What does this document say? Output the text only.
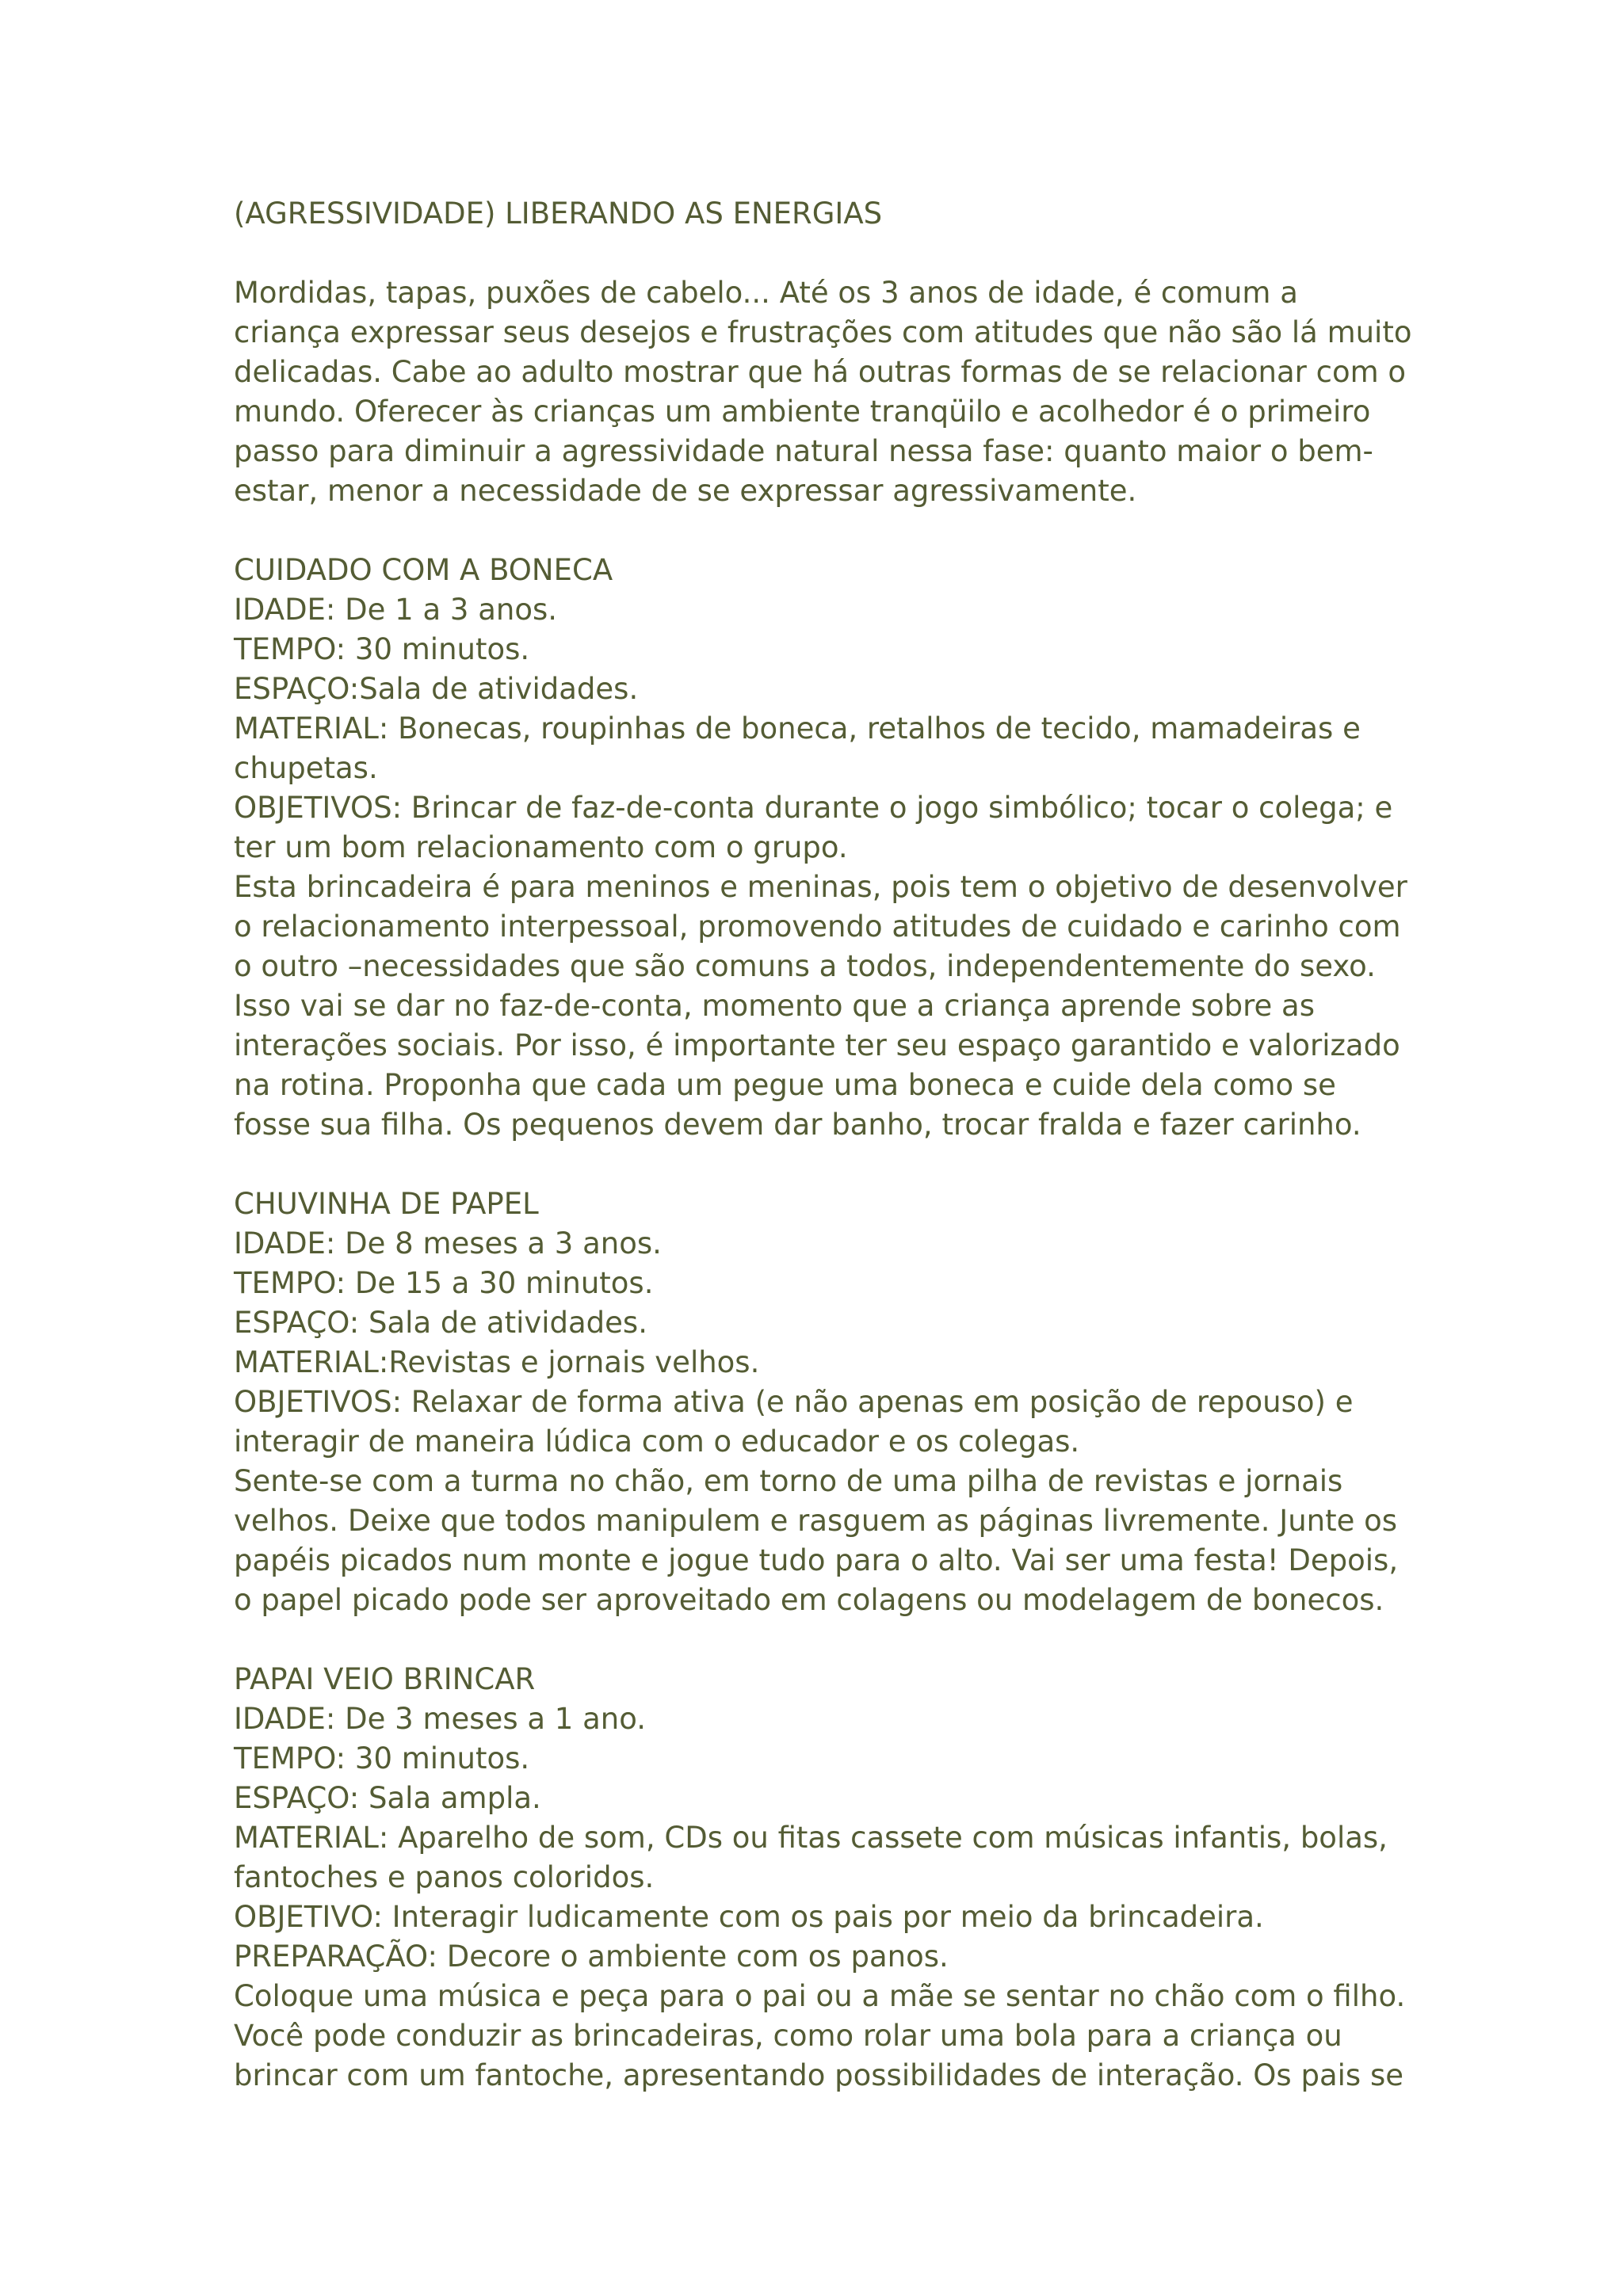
(AGRESSIVIDADE) LIBERANDO AS ENERGIAS
Mordidas, tapas, puxões de cabelo... Até os 3 anos de idade, é comum a
criança expressar seus desejos e frustrações com atitudes que não são lá muito
delicadas. Cabe ao adulto mostrar que há outras formas de se relacionar com o
mundo. Oferecer às crianças um ambiente tranqüilo e acolhedor é o primeiro
passo para diminuir a agressividade natural nessa fase: quanto maior o bem-
estar, menor a necessidade de se expressar agressivamente.
CUIDADO COM A BONECA
IDADE: De 1 a 3 anos.
TEMPO: 30 minutos.
ESPAÇO:Sala de atividades.
MATERIAL: Bonecas, roupinhas de boneca, retalhos de tecido, mamadeiras e
chupetas.
OBJETIVOS: Brincar de faz-de-conta durante o jogo simbólico; tocar o colega; e
ter um bom relacionamento com o grupo.
Esta brincadeira é para meninos e meninas, pois tem o objetivo de desenvolver
o relacionamento interpessoal, promovendo atitudes de cuidado e carinho com
o outro –necessidades que são comuns a todos, independentemente do sexo.
Isso vai se dar no faz-de-conta, momento que a criança aprende sobre as
interações sociais. Por isso, é importante ter seu espaço garantido e valorizado
na rotina. Proponha que cada um pegue uma boneca e cuide dela como se
fosse sua filha. Os pequenos devem dar banho, trocar fralda e fazer carinho.
CHUVINHA DE PAPEL
IDADE: De 8 meses a 3 anos.
TEMPO: De 15 a 30 minutos.
ESPAÇO: Sala de atividades.
MATERIAL:Revistas e jornais velhos.
OBJETIVOS: Relaxar de forma ativa (e não apenas em posição de repouso) e
interagir de maneira lúdica com o educador e os colegas.
Sente-se com a turma no chão, em torno de uma pilha de revistas e jornais
velhos. Deixe que todos manipulem e rasguem as páginas livremente. Junte os
papéis picados num monte e jogue tudo para o alto. Vai ser uma festa! Depois,
o papel picado pode ser aproveitado em colagens ou modelagem de bonecos.
PAPAI VEIO BRINCAR
IDADE: De 3 meses a 1 ano.
TEMPO: 30 minutos.
ESPAÇO: Sala ampla.
MATERIAL: Aparelho de som, CDs ou fitas cassete com músicas infantis, bolas,
fantoches e panos coloridos.
OBJETIVO: Interagir ludicamente com os pais por meio da brincadeira.
PREPARAÇÃO: Decore o ambiente com os panos.
Coloque uma música e peça para o pai ou a mãe se sentar no chão com o filho.
Você pode conduzir as brincadeiras, como rolar uma bola para a criança ou
brincar com um fantoche, apresentando possibilidades de interação. Os pais se
